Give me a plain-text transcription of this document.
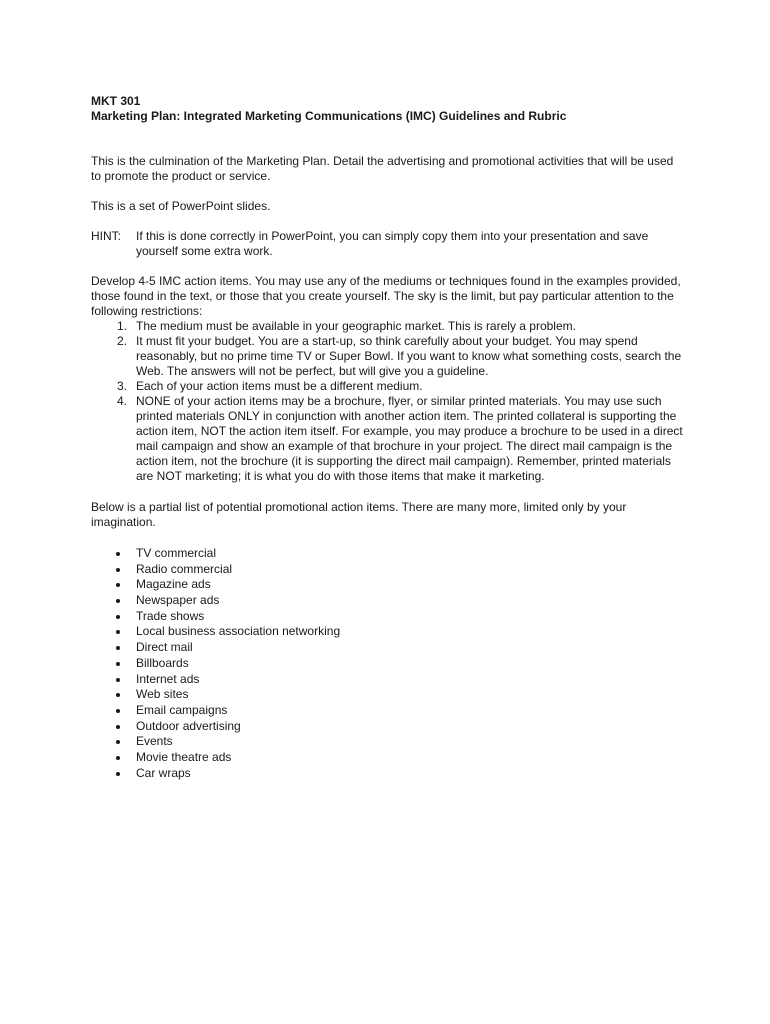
MKT 301

Marketing Plan: Integrated Marketing Communications (IMC) Guidelines and Rubric

This is the culmination of the Marketing Plan. Detail the advertising and promotional activities that will be used to promote the product or service.

This is a set of PowerPoint slides.

HINT:	If this is done correctly in PowerPoint, you can simply copy them into your presentation and save yourself some extra work.

Develop 4-5 IMC action items. You may use any of the mediums or techniques found in the examples provided, those found in the text, or those that you create yourself. The sky is the limit, but pay particular attention to the following restrictions:

1. The medium must be available in your geographic market. This is rarely a problem.
2. It must fit your budget. You are a start-up, so think carefully about your budget. You may spend reasonably, but no prime time TV or Super Bowl. If you want to know what something costs, search the Web. The answers will not be perfect, but will give you a guideline.
3. Each of your action items must be a different medium.
4. NONE of your action items may be a brochure, flyer, or similar printed materials. You may use such printed materials ONLY in conjunction with another action item. The printed collateral is supporting the action item, NOT the action item itself. For example, you may produce a brochure to be used in a direct mail campaign and show an example of that brochure in your project. The direct mail campaign is the action item, not the brochure (it is supporting the direct mail campaign). Remember, printed materials are NOT marketing; it is what you do with those items that make it marketing.

Below is a partial list of potential promotional action items. There are many more, limited only by your imagination.

TV commercial
Radio commercial
Magazine ads
Newspaper ads
Trade shows
Local business association networking
Direct mail
Billboards
Internet ads
Web sites
Email campaigns
Outdoor advertising
Events
Movie theatre ads
Car wraps
